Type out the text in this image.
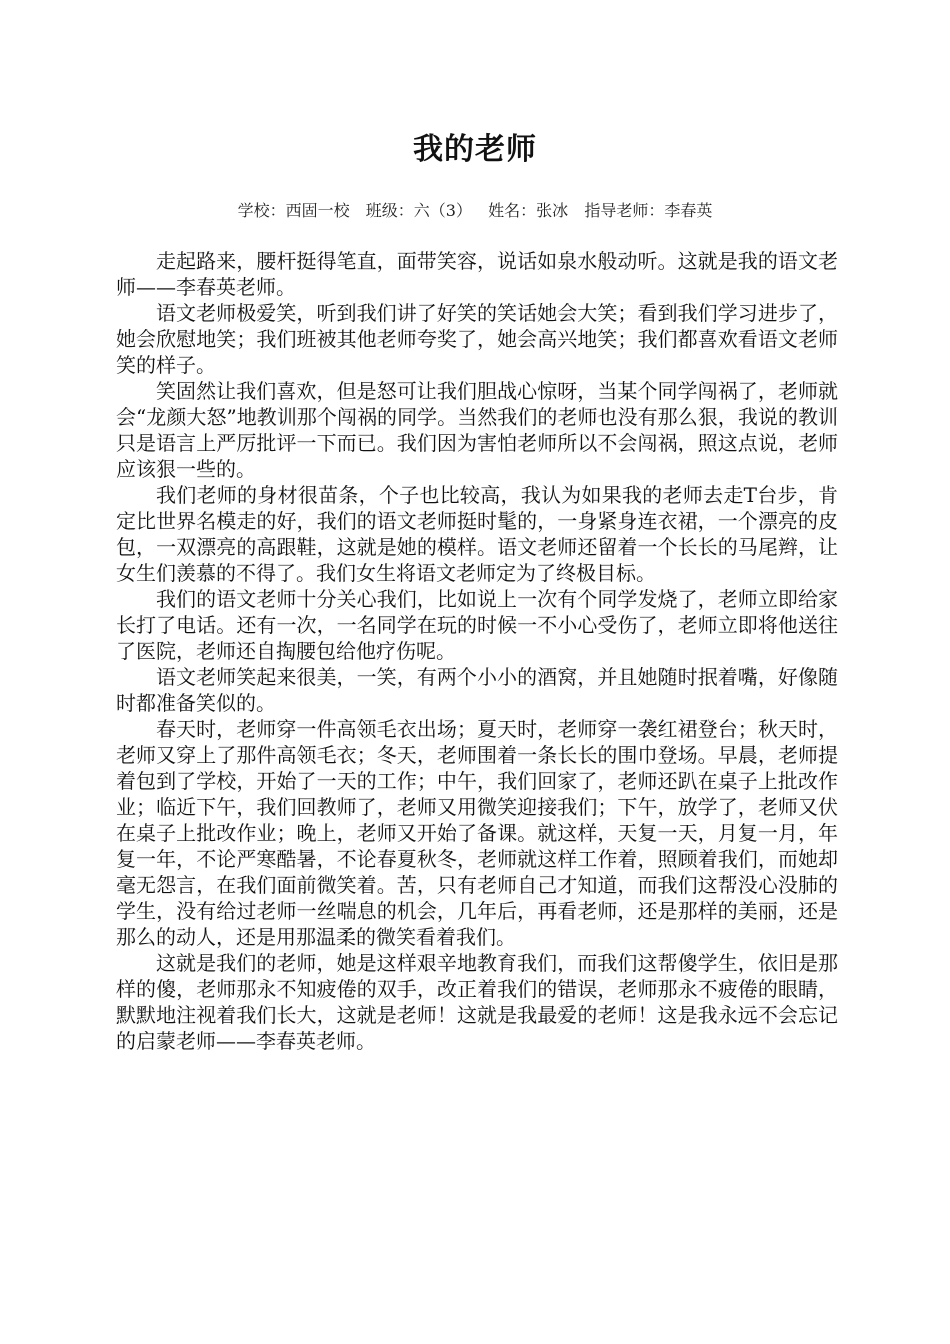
我的老师
学校：西固一校 班级：六（3） 姓名：张冰 指导老师：李春英

走起路来，腰杆挺得笔直，面带笑容，说话如泉水般动听。这就是我的语文老师——李春英老师。

语文老师极爱笑，听到我们讲了好笑的笑话她会大笑；看到我们学习进步了，她会欣慰地笑；我们班被其他老师夸奖了，她会高兴地笑；我们都喜欢看语文老师笑的样子。

笑固然让我们喜欢，但是怒可让我们胆战心惊呀，当某个同学闯祸了，老师就会“龙颜大怒”地教训那个闯祸的同学。当然我们的老师也没有那么狠，我说的教训只是语言上严厉批评一下而已。我们因为害怕老师所以不会闯祸，照这点说，老师应该狠一些的。

我们老师的身材很苗条，个子也比较高，我认为如果我的老师去走T台步，肯定比世界名模走的好，我们的语文老师挺时髦的，一身紧身连衣裙，一个漂亮的皮包，一双漂亮的高跟鞋，这就是她的模样。语文老师还留着一个长长的马尾辫，让女生们羡慕的不得了。我们女生将语文老师定为了终极目标。

我们的语文老师十分关心我们，比如说上一次有个同学发烧了，老师立即给家长打了电话。还有一次，一名同学在玩的时候一不小心受伤了，老师立即将他送往了医院，老师还自掏腰包给他疗伤呢。

语文老师笑起来很美，一笑，有两个小小的酒窝，并且她随时抿着嘴，好像随时都准备笑似的。

春天时，老师穿一件高领毛衣出场；夏天时，老师穿一袭红裙登台；秋天时，老师又穿上了那件高领毛衣；冬天，老师围着一条长长的围巾登场。早晨，老师提着包到了学校，开始了一天的工作；中午，我们回家了，老师还趴在桌子上批改作业；临近下午，我们回教师了，老师又用微笑迎接我们；下午，放学了，老师又伏在桌子上批改作业；晚上，老师又开始了备课。就这样，天复一天，月复一月，年复一年，不论严寒酷暑，不论春夏秋冬，老师就这样工作着，照顾着我们，而她却毫无怨言，在我们面前微笑着。苦，只有老师自己才知道，而我们这帮没心没肺的学生，没有给过老师一丝喘息的机会，几年后，再看老师，还是那样的美丽，还是那么的动人，还是用那温柔的微笑看着我们。

这就是我们的老师，她是这样艰辛地教育我们，而我们这帮傻学生，依旧是那样的傻，老师那永不知疲倦的双手，改正着我们的错误，老师那永不疲倦的眼睛，默默地注视着我们长大，这就是老师！这就是我最爱的老师！这是我永远不会忘记的启蒙老师——李春英老师。
